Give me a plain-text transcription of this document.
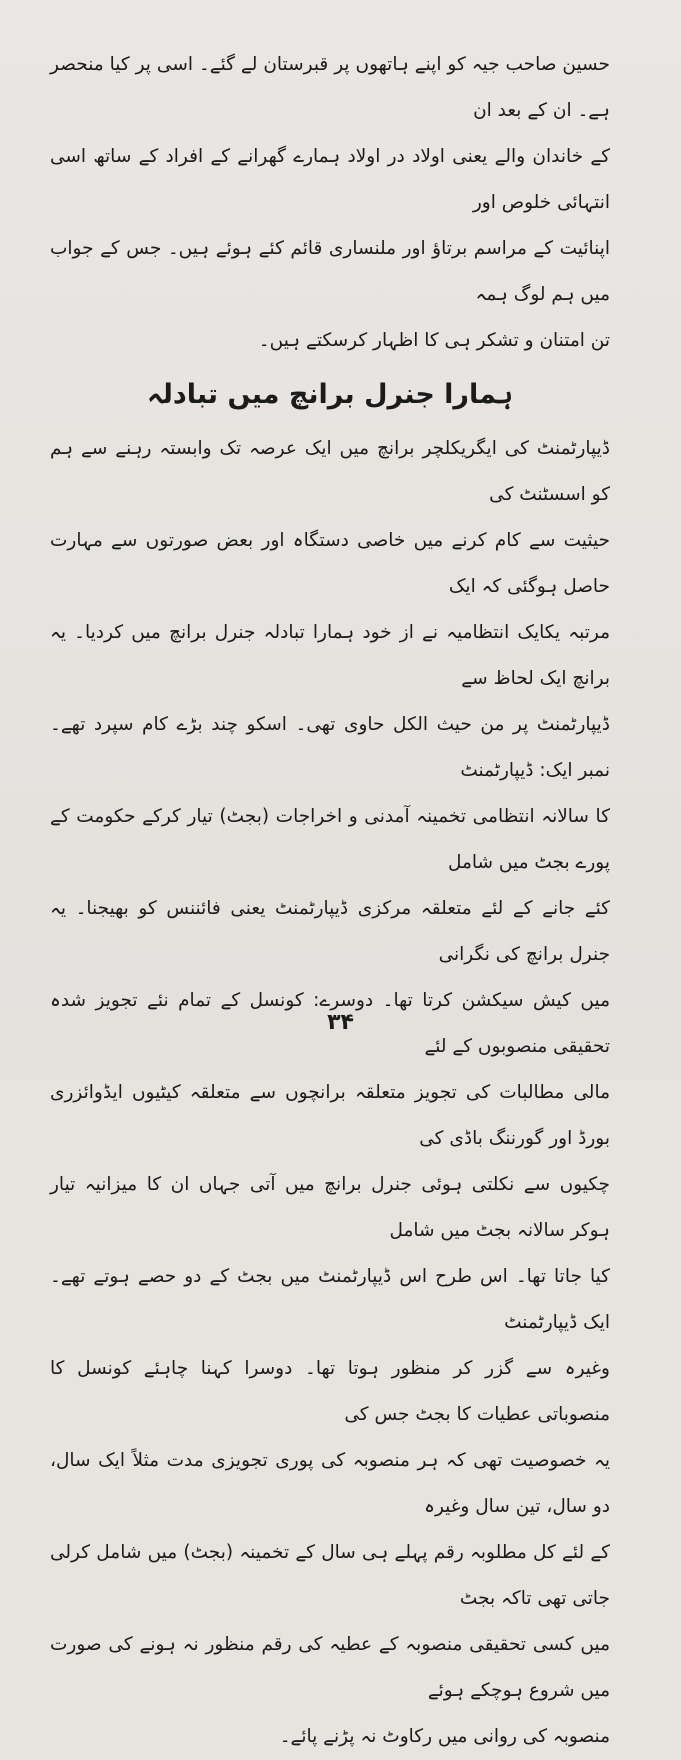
حسین صاحب جیہ کو اپنے ہاتھوں پر قبرستان لے گئے۔ اسی پر کیا منحصر ہے۔ ان کے بعد ان

کے خاندان والے یعنی اولاد در اولاد ہمارے گھرانے کے افراد کے ساتھ اسی انتہائی خلوص اور

اپنائیت کے مراسم برتاؤ اور ملنساری قائم کئے ہوئے ہیں۔ جس کے جواب میں ہم لوگ ہمہ

تن امتنان و تشکر ہی کا اظہار کرسکتے ہیں۔

ہمارا جنرل برانچ میں تبادلہ

ڈیپارٹمنٹ کی ایگریکلچر برانچ میں ایک عرصہ تک وابستہ رہنے سے ہم کو اسسٹنٹ کی

حیثیت سے کام کرنے میں خاصی دستگاہ اور بعض صورتوں سے مہارت حاصل ہوگئی کہ ایک

مرتبہ یکایک انتظامیہ نے از خود ہمارا تبادلہ جنرل برانچ میں کردیا۔ یہ برانچ ایک لحاظ سے

ڈیپارٹمنٹ پر من حیث الکل حاوی تھی۔ اسکو چند بڑے کام سپرد تھے۔ نمبر ایک: ڈیپارٹمنٹ

کا سالانہ انتظامی تخمینہ آمدنی و اخراجات (بجٹ) تیار کرکے حکومت کے پورے بجٹ میں شامل

کئے جانے کے لئے متعلقہ مرکزی ڈیپارٹمنٹ یعنی فائننس کو بھیجنا۔ یہ جنرل برانچ کی نگرانی

میں کیش سیکشن کرتا تھا۔ دوسرے: کونسل کے تمام نئے تجویز شدہ تحقیقی منصوبوں کے لئے

مالی مطالبات کی تجویز متعلقہ برانچوں سے متعلقہ کیٹیوں ایڈوائزری بورڈ اور گورننگ باڈی کی

چکیوں سے نکلتی ہوئی جنرل برانچ میں آتی جہاں ان کا میزانیہ تیار ہوکر سالانہ بجٹ میں شامل

کیا جاتا تھا۔ اس طرح اس ڈیپارٹمنٹ میں بجٹ کے دو حصے ہوتے تھے۔ ایک ڈیپارٹمنٹ

وغیرہ سے گزر کر منظور ہوتا تھا۔ دوسرا کہنا چاہئے کونسل کا منصوباتی عطیات کا بجٹ جس کی

یہ خصوصیت تھی کہ ہر منصوبہ کی پوری تجویزی مدت مثلاً ایک سال، دو سال، تین سال وغیرہ

کے لئے کل مطلوبہ رقم پہلے ہی سال کے تخمینہ (بجٹ) میں شامل کرلی جاتی تھی تاکہ بجٹ

میں کسی تحقیقی منصوبہ کے عطیہ کی رقم منظور نہ ہونے کی صورت میں شروع ہوچکے ہوئے

منصوبہ کی روانی میں رکاوٹ نہ پڑنے پائے۔

۳۴
